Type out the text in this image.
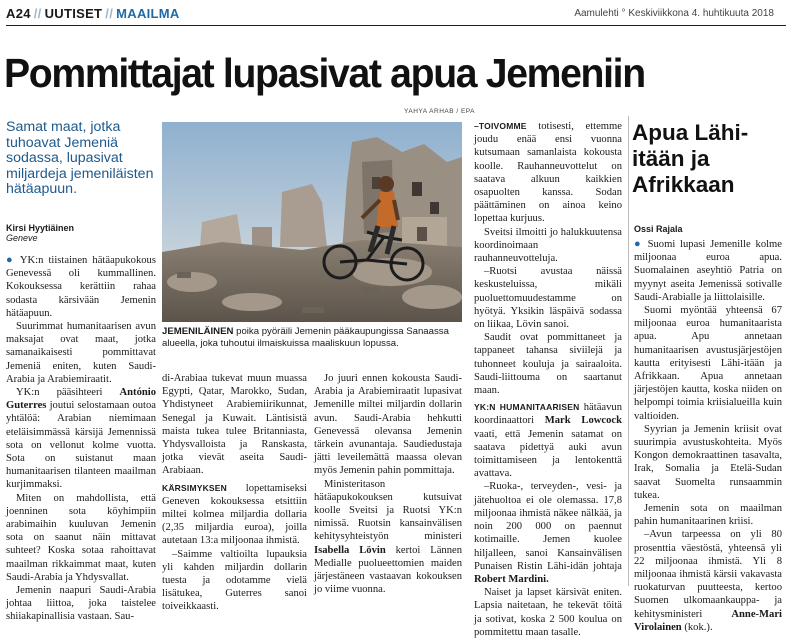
A24 // UUTISET // MAAILMA	Aamulehti ° Keskiviikkona 4. huhtikuuta 2018
Pommittajat lupasivat apua Jemeniin
Samat maat, jotka tuhoavat Jemeniä sodassa, lupasivat miljardeja jemeniläisten hätäapuun.
Kirsi Hyytiäinen
Geneve

● YK:n tiistainen hätäapukokous Genevessä oli kummallinen. Kokouksessa kerättiin rahaa sodasta kärsivään Jemenin hätäapuun.

Suurimmat humanitaarisen avun maksajat ovat maat, jotka samanaikaisesti pommittavat Jemeniä eniten, kuten Saudi-Arabia ja Arabiemiraatit.

YK:n pääsihteeri António Guterres joutui selostamaan outoa yhtälöä: Arabian niemimaan eteläisimmässä kärsijä Jemennissä sota on vellonut kolme vuotta. Sota on suistanut maan humanitaarisen tilanteen maailman kurjimmaksi.

Miten on mahdollista, että joenninen sota köyhimpiin arabimaihin kuuluvan Jemenin sota on saanut näin mittavat suhteet? Koska sotaa rahoittavat maailman rikkaimmat maat, kuten Saudi-Arabia ja Yhdysvallat.

Jemenin naapuri Saudi-Arabia johtaa liittoa, joka taistelee shiiakapinallisia vastaan. Sau-

YAHYA ARHAB / EPA
JEMENILÄINEN poika pyöräili Jemenin pääkaupungissa Sanaassa alueella, joka tuhoutui ilmaiskuissa maaliskuun lopussa.

di-Arabiaa tukevat muun muassa Egypti, Qatar, Marokko, Sudan, Yhdistyneet Arabiemiirikunnat, Senegal ja Kuwait. Läntisistä maista tukea tulee Britanniasta, Yhdysvalloista ja Ranskasta, jotka vievät aseita Saudi-Arabiaan.

KÄRSIMYKSEN lopettamiseksi Geneven kokouksessa etsittiin miltei kolmea miljardia dollaria (2,35 miljardia euroa), joilla autetaan 13:a miljoonaa ihmistä.

–Saimme valtioilta lupauksia yli kahden miljardin dollarin tuesta ja odotamme vielä lisätukea, Guterres sanoi toiveikkaasti.

Jo juuri ennen kokousta Saudi-Arabia ja Arabiemiraatit lupasivat Jemenille miltei miljardin dollarin avun. Saudi-Arabia hehkutti Genevessä olevansa Jemenin tärkein avunantaja. Saudiedustaja jätti leveilemättä maassa olevan myös Jemenin pahin pommittaja.

Ministeritason hätäapukokouksen kutsuivat koolle Sveitsi ja Ruotsi YK:n nimissä. Ruotsin kansainvälisen kehitysyhteistyön ministeri Isabella Lövin kertoi Lännen Medialle puolueettomien maiden järjestäneen vastaavan kokouksen jo viime vuonna.

–TOIVOMME totisesti, ettemme joudu enää ensi vuonna kutsumaan samanlaista kokousta koolle. Rauhanneuvottelut on saatava alkuun kaikkien osapuolten kanssa. Sodan päättäminen on ainoa keino lopettaa kurjuus.

Sveitsi ilmoitti jo halukkuutensa koordinoimaan rauhanneuvotteluja.

–Ruotsi avustaa näissä keskusteluissa, mikäli puoluettomuudestamme on hyötyä. Yksikin läspäivä sodassa on liikaa, Lövin sanoi.

Saudit ovat pommittaneet ja tappaneet tahansa siviilejä ja tuhonneet kouluja ja sairaaloita. Saudi-liittouma on saartanut maan.

YK:N HUMANITAARISEN hätäavun koordinaattori Mark Lowcock vaati, että Jemenin satamat on saatava pidettyä auki avun toimittamiseen ja lentokenttä avattava.

–Ruoka-, terveyden-, vesi- ja jätehuoltoa ei ole olemassa. 17,8 miljoonaa ihmistä näkee nälkää, ja noin 200 000 on paennut kotimaille. Jemen kuolee hiljalleen, sanoi Kansainvälisen Punaisen Ristin Lähi-idän johtaja Robert Mardini.

Naiset ja lapset kärsivät eniten. Lapsia naitetaan, he tekevät töitä ja sotivat, koska 2 500 koulua on pommitettu maan tasalle.

Apua Lähi-itään ja Afrikkaan
Ossi Rajala

● Suomi lupasi Jemenille kolme miljoonaa euroa apua. Suomalainen aseyhtiö Patria on myynyt aseita Jemenissä sotivalle Saudi-Arabialle ja liittolaisille.

Suomi myöntää yhteensä 67 miljoonaa euroa humanitaarista apua. Apu annetaan humanitaarisen avustusjärjestöjen kautta erityisesti Lähi-itään ja Afrikkaan. Apua annetaan järjestöjen kautta, koska niiden on helpompi toimia kriisialueilla kuin valtioiden.

Syyrian ja Jemenin kriisit ovat suurimpia avustuskohteita. Myös Kongon demokraattinen tasavalta, Irak, Somalia ja Etelä-Sudan saavat Suomelta runsaammin tukea.

Jemenin sota on maailman pahin humanitaarinen kriisi.

–Avun tarpeessa on yli 80 prosenttia väestöstä, yhteensä yli 22 miljoonaa ihmistä. Yli 8 miljoonaa ihmistä kärsii vakavasta ruokaturvan puutteesta, kertoo Suomen ulkomaankauppa- ja kehitysministeri	Anne-Mari Virolainen (kok.).
